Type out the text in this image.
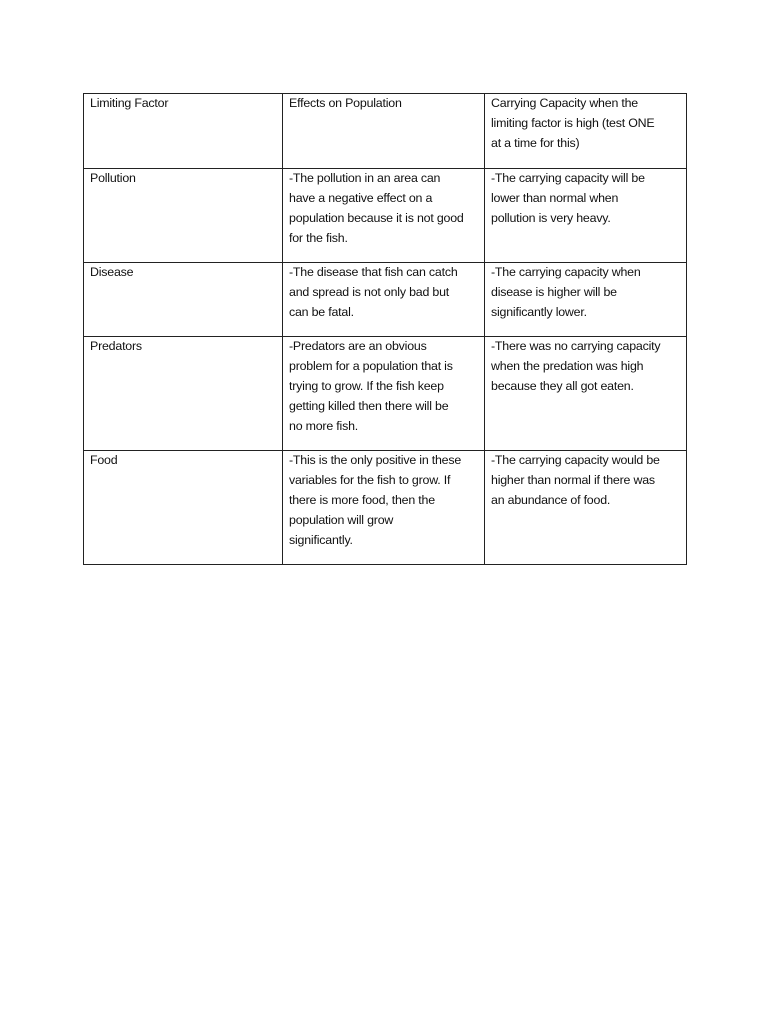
Limiting Factor	Effects on Population	Carrying Capacity when the
limiting factor is high (test ONE
at a time for this)

Pollution	-The pollution in an area can
have a negative effect on a
population because it is not good
for the fish.	-The carrying capacity will be
lower than normal when
pollution is very heavy.

Disease	-The disease that fish can catch
and spread is not only bad but
can be fatal.	-The carrying capacity when
disease is higher will be
significantly lower.

Predators	-Predators are an obvious
problem for a population that is
trying to grow. If the fish keep
getting killed then there will be
no more fish.	-There was no carrying capacity
when the predation was high
because they all got eaten.

Food	-This is the only positive in these
variables for the fish to grow. If
there is more food, then the
population will grow
significantly.	-The carrying capacity would be
higher than normal if there was
an abundance of food.
